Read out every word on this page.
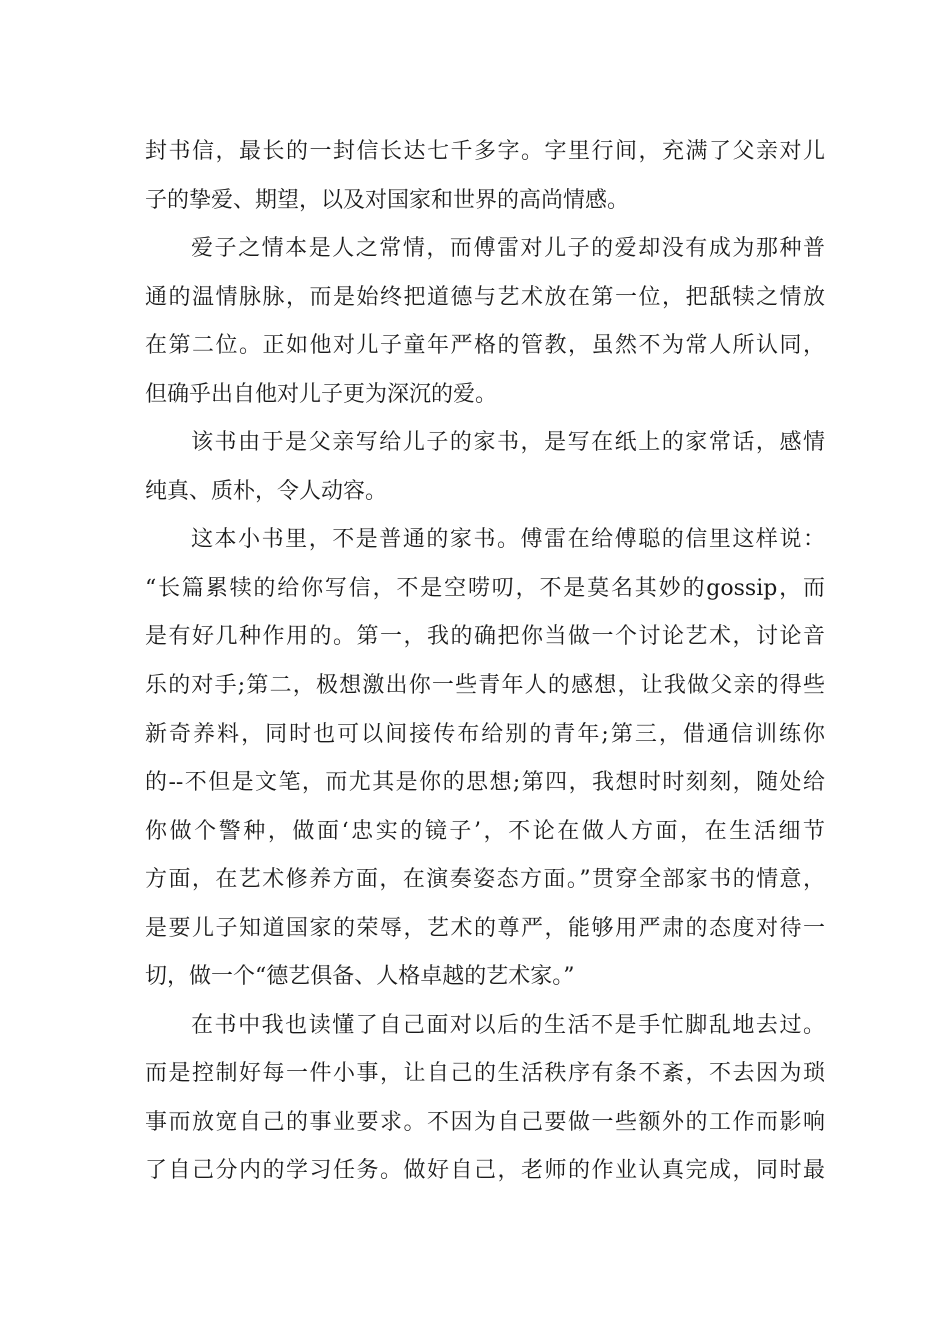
封书信，最长的一封信长达七千多字。字里行间，充满了父亲对儿
子的挚爱、期望，以及对国家和世界的高尚情感。
爱子之情本是人之常情，而傅雷对儿子的爱却没有成为那种普
通的温情脉脉，而是始终把道德与艺术放在第一位，把舐犊之情放
在第二位。正如他对儿子童年严格的管教，虽然不为常人所认同，
但确乎出自他对儿子更为深沉的爱。
该书由于是父亲写给儿子的家书，是写在纸上的家常话，感情
纯真、质朴，令人动容。
这本小书里，不是普通的家书。傅雷在给傅聪的信里这样说：
“长篇累犊的给你写信，不是空唠叨，不是莫名其妙的gossip，而
是有好几种作用的。第一，我的确把你当做一个讨论艺术，讨论音
乐的对手;第二，极想激出你一些青年人的感想，让我做父亲的得些
新奇养料，同时也可以间接传布给别的青年;第三，借通信训练你
的--不但是文笔，而尤其是你的思想;第四，我想时时刻刻，随处给
你做个警种，做面‘忠实的镜子’，不论在做人方面，在生活细节
方面，在艺术修养方面，在演奏姿态方面。”贯穿全部家书的情意，
是要儿子知道国家的荣辱，艺术的尊严，能够用严肃的态度对待一
切，做一个“德艺俱备、人格卓越的艺术家。”
在书中我也读懂了自己面对以后的生活不是手忙脚乱地去过。
而是控制好每一件小事，让自己的生活秩序有条不紊，不去因为琐
事而放宽自己的事业要求。不因为自己要做一些额外的工作而影响
了自己分内的学习任务。做好自己，老师的作业认真完成，同时最
